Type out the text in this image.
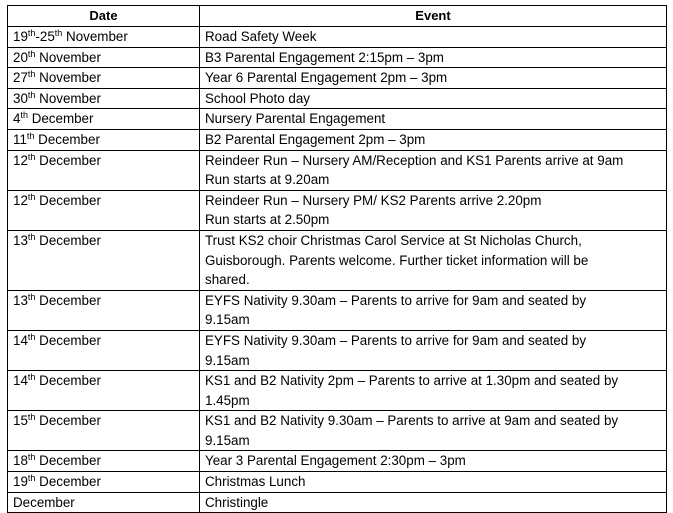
Date	Event
19th-25th November	Road Safety Week

20th November	B3 Parental Engagement 2:15pm – 3pm

27th November	Year 6 Parental Engagement 2pm – 3pm

30th November	School Photo day

4th December	Nursery Parental Engagement

11th December	B2 Parental Engagement 2pm – 3pm

12th December	Reindeer Run – Nursery AM/Reception and KS1 Parents arrive at 9am
Run starts at 9.20am

12th December	Reindeer Run – Nursery PM/ KS2 Parents arrive 2.20pm
Run starts at 2.50pm

13th December	Trust KS2 choir Christmas Carol Service at St Nicholas Church,
Guisborough. Parents welcome. Further ticket information will be
shared.

13th December	EYFS Nativity 9.30am – Parents to arrive for 9am and seated by
9.15am

14th December	EYFS Nativity 9.30am – Parents to arrive for 9am and seated by
9.15am

14th December	KS1 and B2 Nativity 2pm – Parents to arrive at 1.30pm and seated by
1.45pm

15th December	KS1 and B2 Nativity 9.30am – Parents to arrive at 9am and seated by
9.15am

18th December	Year 3 Parental Engagement 2:30pm – 3pm

19th December	Christmas Lunch

December	Christingle
